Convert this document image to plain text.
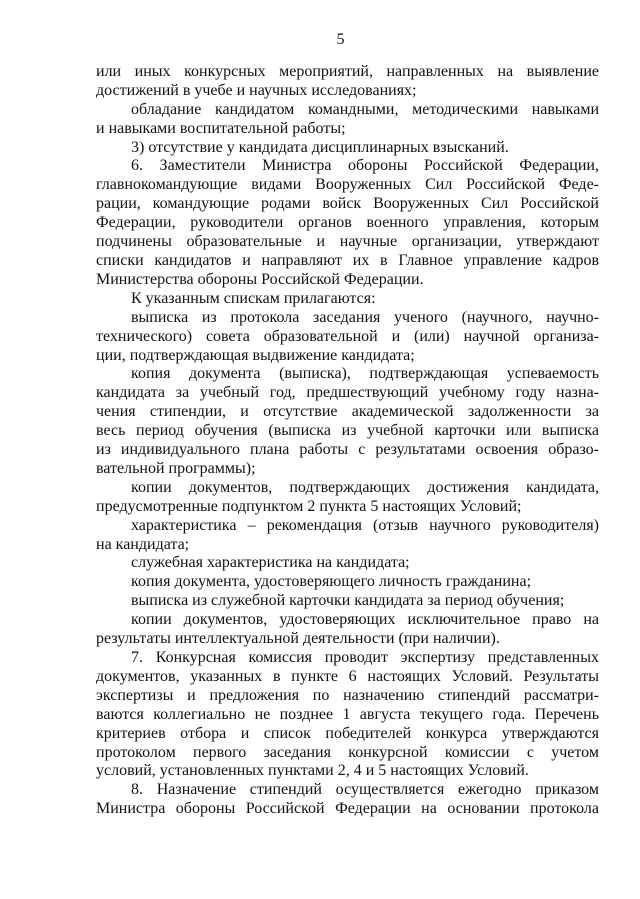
5
или иных конкурсных мероприятий, направленных на выявление
достижений в учебе и научных исследованиях;
обладание кандидатом командными, методическими навыками
и навыками воспитательной работы;
3) отсутствие у кандидата дисциплинарных взысканий.
6. Заместители Министра обороны Российской Федерации,
главнокомандующие видами Вооруженных Сил Российской Феде-
рации, командующие родами войск Вооруженных Сил Российской
Федерации, руководители органов военного управления, которым
подчинены образовательные и научные организации, утверждают
списки кандидатов и направляют их в Главное управление кадров
Министерства обороны Российской Федерации.
К указанным спискам прилагаются:
выписка из протокола заседания ученого (научного, научно-
технического) совета образовательной и (или) научной организа-
ции, подтверждающая выдвижение кандидата;
копия документа (выписка), подтверждающая успеваемость
кандидата за учебный год, предшествующий учебному году назна-
чения стипендии, и отсутствие академической задолженности за
весь период обучения (выписка из учебной карточки или выписка
из индивидуального плана работы с результатами освоения образо-
вательной программы);
копии документов, подтверждающих достижения кандидата,
предусмотренные подпунктом 2 пункта 5 настоящих Условий;
характеристика – рекомендация (отзыв научного руководителя)
на кандидата;
служебная характеристика на кандидата;
копия документа, удостоверяющего личность гражданина;
выписка из служебной карточки кандидата за период обучения;
копии документов, удостоверяющих исключительное право на
результаты интеллектуальной деятельности (при наличии).
7. Конкурсная комиссия проводит экспертизу представленных
документов, указанных в пункте 6 настоящих Условий. Результаты
экспертизы и предложения по назначению стипендий рассматри-
ваются коллегиально не позднее 1 августа текущего года. Перечень
критериев отбора и список победителей конкурса утверждаются
протоколом первого заседания конкурсной комиссии с учетом
условий, установленных пунктами 2, 4 и 5 настоящих Условий.
8. Назначение стипендий осуществляется ежегодно приказом
Министра обороны Российской Федерации на основании протокола
